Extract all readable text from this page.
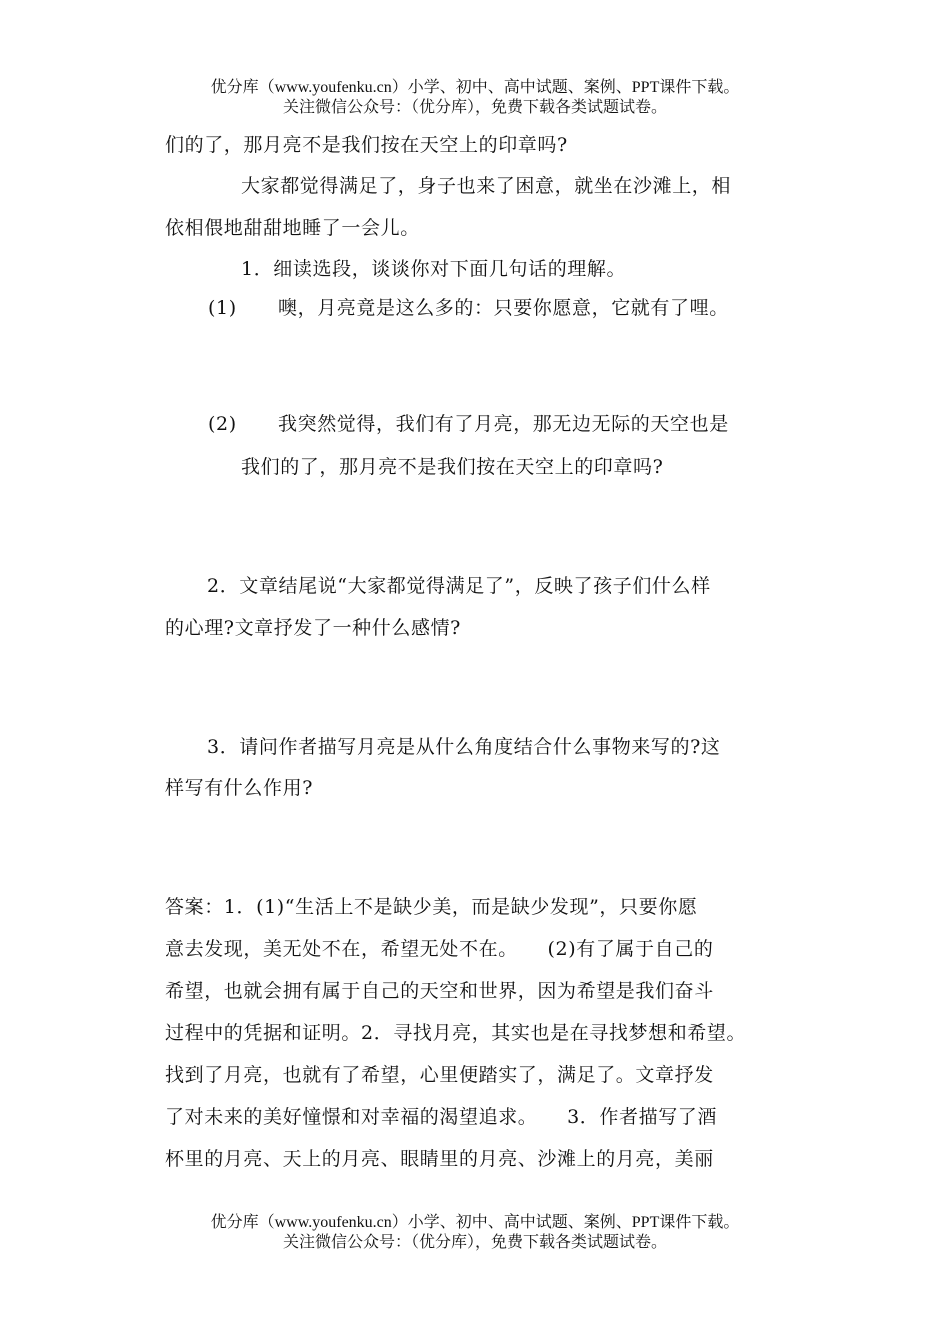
优分库（www.youfenku.cn）小学、初中、高中试题、案例、PPT课件下载。
关注微信公众号：（优分库），免费下载各类试题试卷。
们的了，那月亮不是我们按在天空上的印章吗?
大家都觉得满足了，身子也来了困意，就坐在沙滩上，相
依相偎地甜甜地睡了一会儿。
1．细读选段，谈谈你对下面几句话的理解。
(1) 噢，月亮竟是这么多的：只要你愿意，它就有了哩。
(2) 我突然觉得，我们有了月亮，那无边无际的天空也是
我们的了，那月亮不是我们按在天空上的印章吗?
2．文章结尾说“大家都觉得满足了”，反映了孩子们什么样
的心理?文章抒发了一种什么感情?
3．请问作者描写月亮是从什么角度结合什么事物来写的?这
样写有什么作用?
答案：1．(1)“生活上不是缺少美，而是缺少发现”，只要你愿
意去发现，美无处不在，希望无处不在。　　(2)有了属于自己的
希望，也就会拥有属于自己的天空和世界，因为希望是我们奋斗
过程中的凭据和证明。2．寻找月亮，其实也是在寻找梦想和希望。
找到了月亮，也就有了希望，心里便踏实了，满足了。文章抒发
了对未来的美好憧憬和对幸福的渴望追求。　　3．作者描写了酒
杯里的月亮、天上的月亮、眼睛里的月亮、沙滩上的月亮，美丽
优分库（www.youfenku.cn）小学、初中、高中试题、案例、PPT课件下载。
关注微信公众号：（优分库），免费下载各类试题试卷。
